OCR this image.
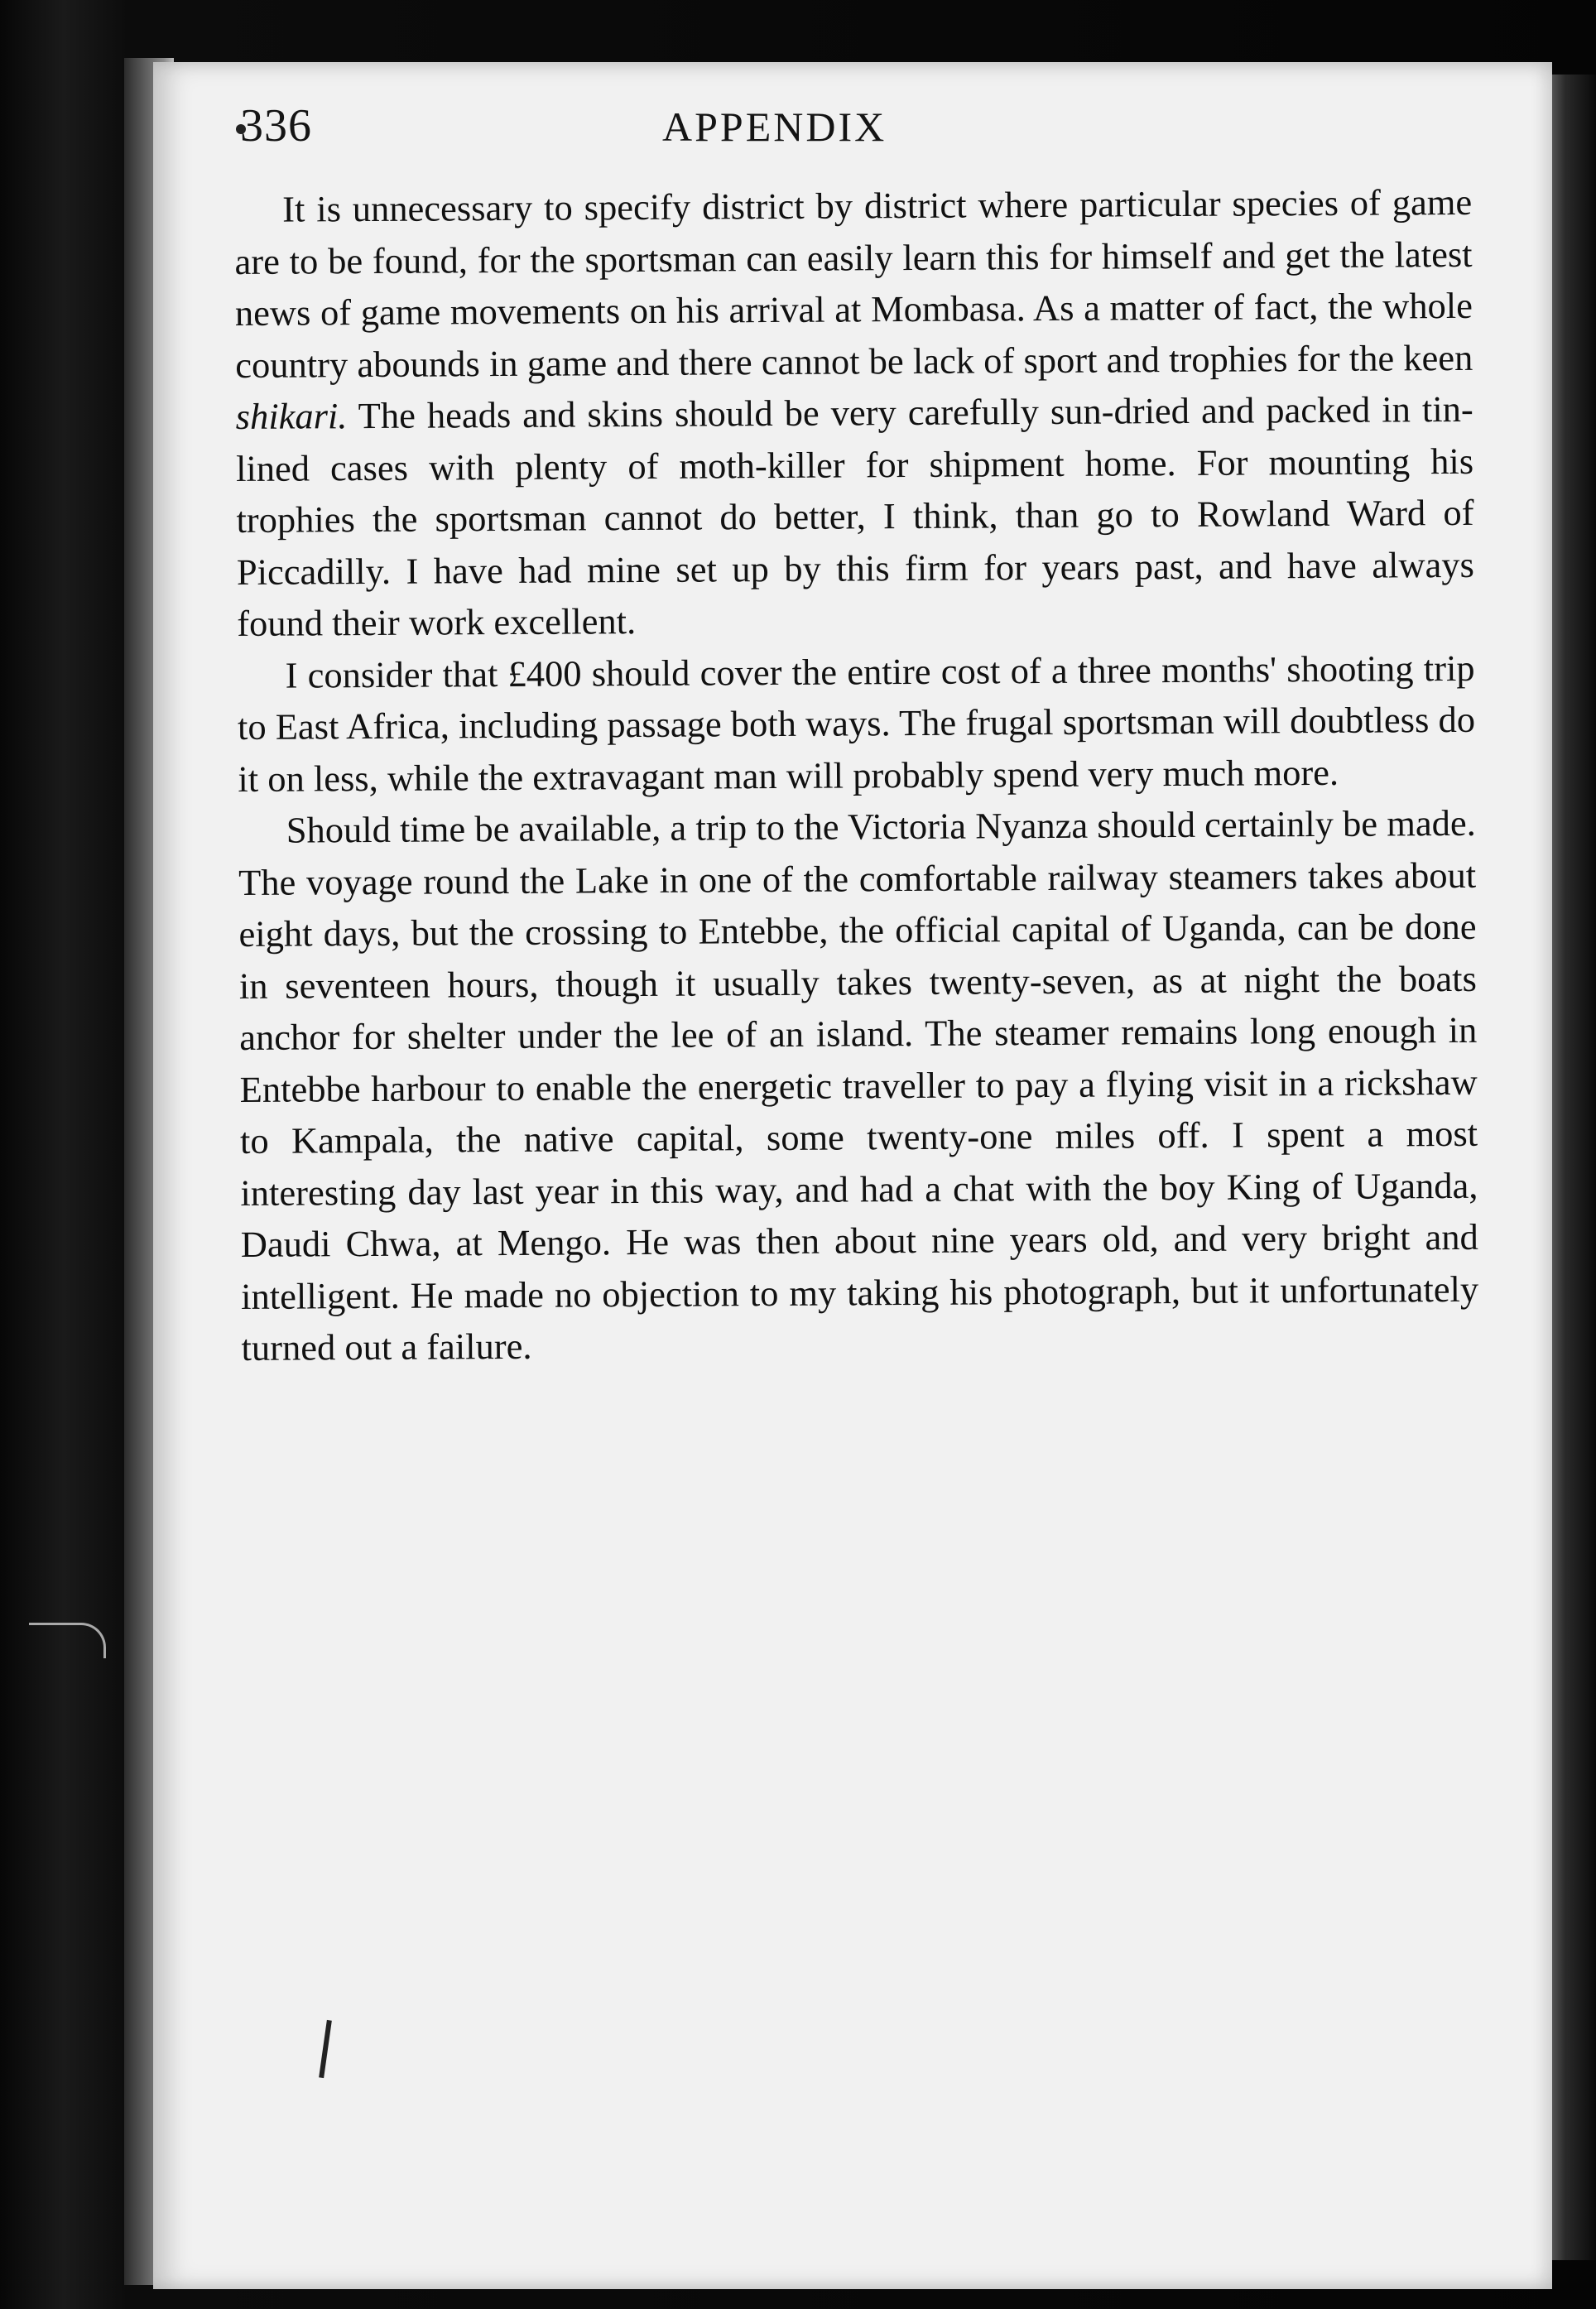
336	APPENDIX

It is unnecessary to specify district by district where particular species of game are to be found, for the sportsman can easily learn this for himself and get the latest news of game movements on his arrival at Mombasa. As a matter of fact, the whole country abounds in game and there cannot be lack of sport and trophies for the keen shikari. The heads and skins should be very carefully sun-dried and packed in tin-lined cases with plenty of moth-killer for shipment home. For mounting his trophies the sportsman cannot do better, I think, than go to Rowland Ward of Piccadilly. I have had mine set up by this firm for years past, and have always found their work excellent.

I consider that £400 should cover the entire cost of a three months' shooting trip to East Africa, including passage both ways. The frugal sportsman will doubtless do it on less, while the extravagant man will probably spend very much more.

Should time be available, a trip to the Victoria Nyanza should certainly be made. The voyage round the Lake in one of the comfortable railway steamers takes about eight days, but the crossing to Entebbe, the official capital of Uganda, can be done in seventeen hours, though it usually takes twenty-seven, as at night the boats anchor for shelter under the lee of an island. The steamer remains long enough in Entebbe harbour to enable the energetic traveller to pay a flying visit in a rickshaw to Kampala, the native capital, some twenty-one miles off. I spent a most interesting day last year in this way, and had a chat with the boy King of Uganda, Daudi Chwa, at Mengo. He was then about nine years old, and very bright and intelligent. He made no objection to my taking his photograph, but it unfortunately turned out a failure.
